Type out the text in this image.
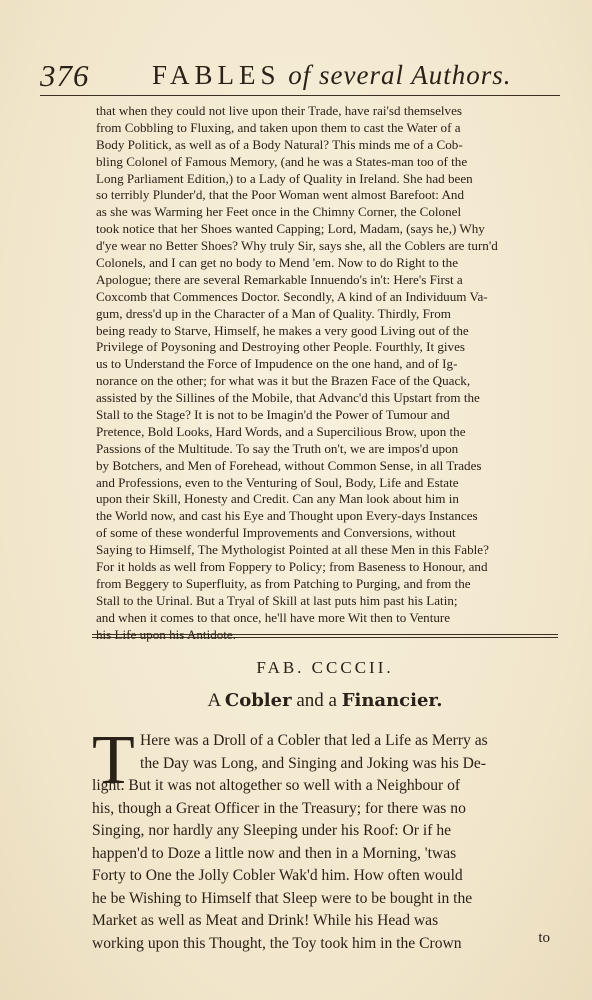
376 FABLES of several Authors.
that when they could not live upon their Trade, have rai'sd themselves
from Cobbling to Fluxing, and taken upon them to cast the Water of a
Body Politick, as well as of a Body Natural? This minds me of a Cob-
bling Colonel of Famous Memory, (and he was a States-man too of the
Long Parliament Edition,) to a Lady of Quality in Ireland. She had been
so terribly Plunder'd, that the Poor Woman went almost Barefoot: And
as she was Warming her Feet once in the Chimny Corner, the Colonel
took notice that her Shoes wanted Capping; Lord, Madam, (says he,) Why
d'ye wear no Better Shoes? Why truly Sir, says she, all the Coblers are turn'd
Colonels, and I can get no body to Mend 'em. Now to do Right to the
Apologue; there are several Remarkable Innuendo's in't: Here's First a
Coxcomb that Commences Doctor. Secondly, A kind of an Individuum Va-
gum, dress'd up in the Character of a Man of Quality. Thirdly, From
being ready to Starve, Himself, he makes a very good Living out of the
Privilege of Poysoning and Destroying other People. Fourthly, It gives
us to Understand the Force of Impudence on the one hand, and of Ig-
norance on the other; for what was it but the Brazen Face of the Quack,
assisted by the Sillines of the Mobile, that Advanc'd this Upstart from the
Stall to the Stage? It is not to be Imagin'd the Power of Tumour and
Pretence, Bold Looks, Hard Words, and a Supercilious Brow, upon the
Passions of the Multitude. To say the Truth on't, we are impos'd upon
by Botchers, and Men of Forehead, without Common Sense, in all Trades
and Professions, even to the Venturing of Soul, Body, Life and Estate
upon their Skill, Honesty and Credit. Can any Man look about him in
the World now, and cast his Eye and Thought upon Every-days Instances
of some of these wonderful Improvements and Conversions, without
Saying to Himself, The Mythologist Pointed at all these Men in this Fable?
For it holds as well from Foppery to Policy; from Baseness to Honour, and
from Beggery to Superfluity, as from Patching to Purging, and from the
Stall to the Urinal. But a Tryal of Skill at last puts him past his Latin;
and when it comes to that once, he'll have more Wit then to Venture
his Life upon his Antidote.
FAB. CCCCII.
A Cobler and a Financier.
T Here was a Droll of a Cobler that led a Life as Merry as
the Day was Long, and Singing and Joking was his De-
light. But it was not altogether so well with a Neighbour of
his, though a Great Officer in the Treasury; for there was no
Singing, nor hardly any Sleeping under his Roof: Or if he
happen'd to Doze a little now and then in a Morning, 'twas
Forty to One the Jolly Cobler Wak'd him. How often would
he be Wishing to Himself that Sleep were to be bought in the
Market as well as Meat and Drink! While his Head was
working upon this Thought, the Toy took him in the Crown	to
